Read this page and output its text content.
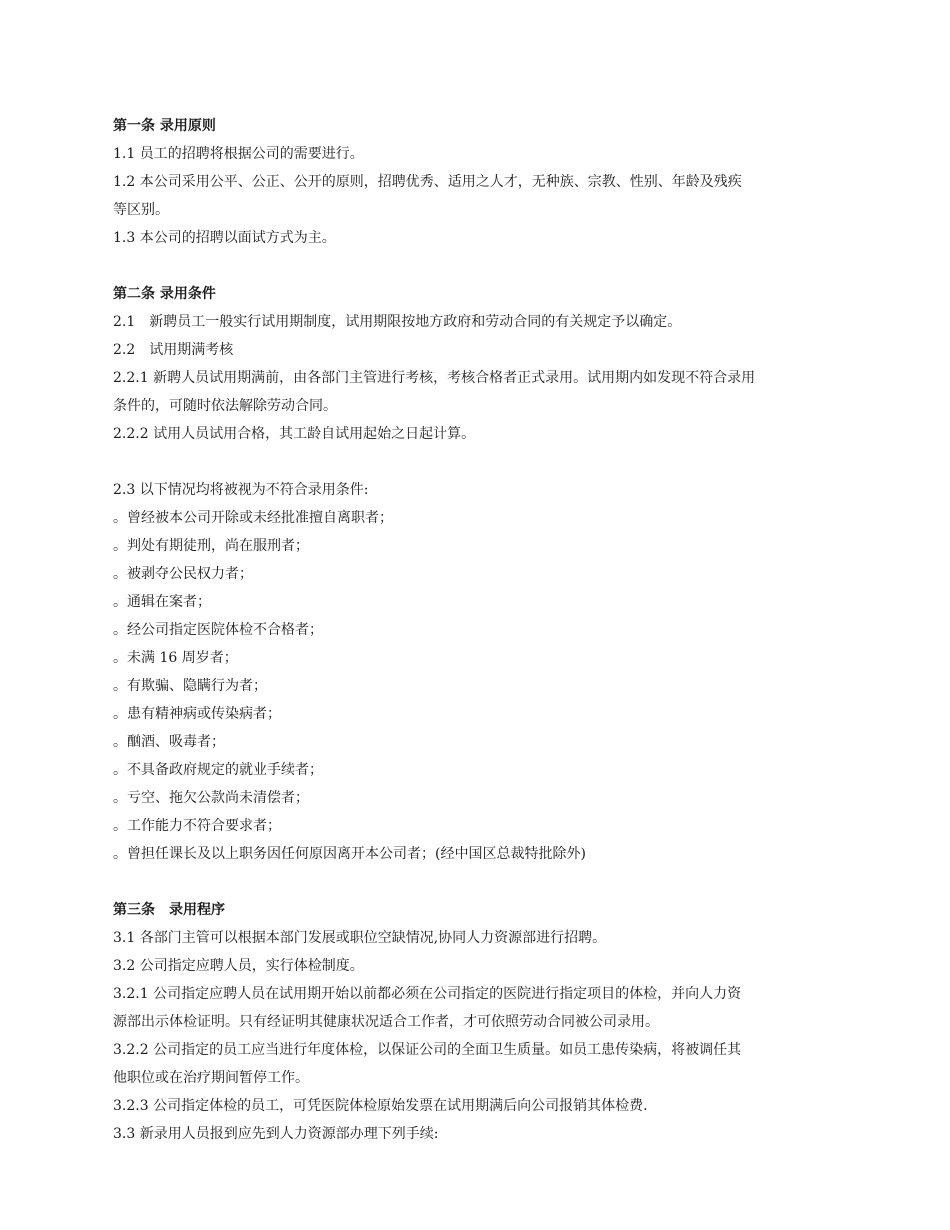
第一条 录用原则

1.1 员工的招聘将根据公司的需要进行。

1.2 本公司采用公平、公正、公开的原则，招聘优秀、适用之人才，无种族、宗教、性别、年龄及残疾

等区别。

1.3 本公司的招聘以面试方式为主。

第二条 录用条件

2.1　新聘员工一般实行试用期制度，试用期限按地方政府和劳动合同的有关规定予以确定。

2.2　试用期满考核

2.2.1 新聘人员试用期满前，由各部门主管进行考核，考核合格者正式录用。试用期内如发现不符合录用

条件的，可随时依法解除劳动合同。

2.2.2 试用人员试用合格，其工龄自试用起始之日起计算。

2.3 以下情况均将被视为不符合录用条件:

。曾经被本公司开除或未经批准擅自离职者；

。判处有期徒刑，尚在服刑者；

。被剥夺公民权力者；

。通辑在案者；

。经公司指定医院体检不合格者；

。未满 16 周岁者；

。有欺骗、隐瞒行为者；

。患有精神病或传染病者；

。酗酒、吸毒者；

。不具备政府规定的就业手续者；

。亏空、拖欠公款尚未清偿者；

。工作能力不符合要求者；

。曾担任课长及以上职务因任何原因离开本公司者；(经中国区总裁特批除外)

第三条　录用程序

3.1 各部门主管可以根据本部门发展或职位空缺情况,协同人力资源部进行招聘。

3.2 公司指定应聘人员，实行体检制度。

3.2.1 公司指定应聘人员在试用期开始以前都必须在公司指定的医院进行指定项目的体检，并向人力资

源部出示体检证明。只有经证明其健康状况适合工作者，才可依照劳动合同被公司录用。

3.2.2 公司指定的员工应当进行年度体检，以保证公司的全面卫生质量。如员工患传染病，将被调任其

他职位或在治疗期间暂停工作。

3.2.3 公司指定体检的员工，可凭医院体检原始发票在试用期满后向公司报销其体检费.

3.3 新录用人员报到应先到人力资源部办理下列手续:
